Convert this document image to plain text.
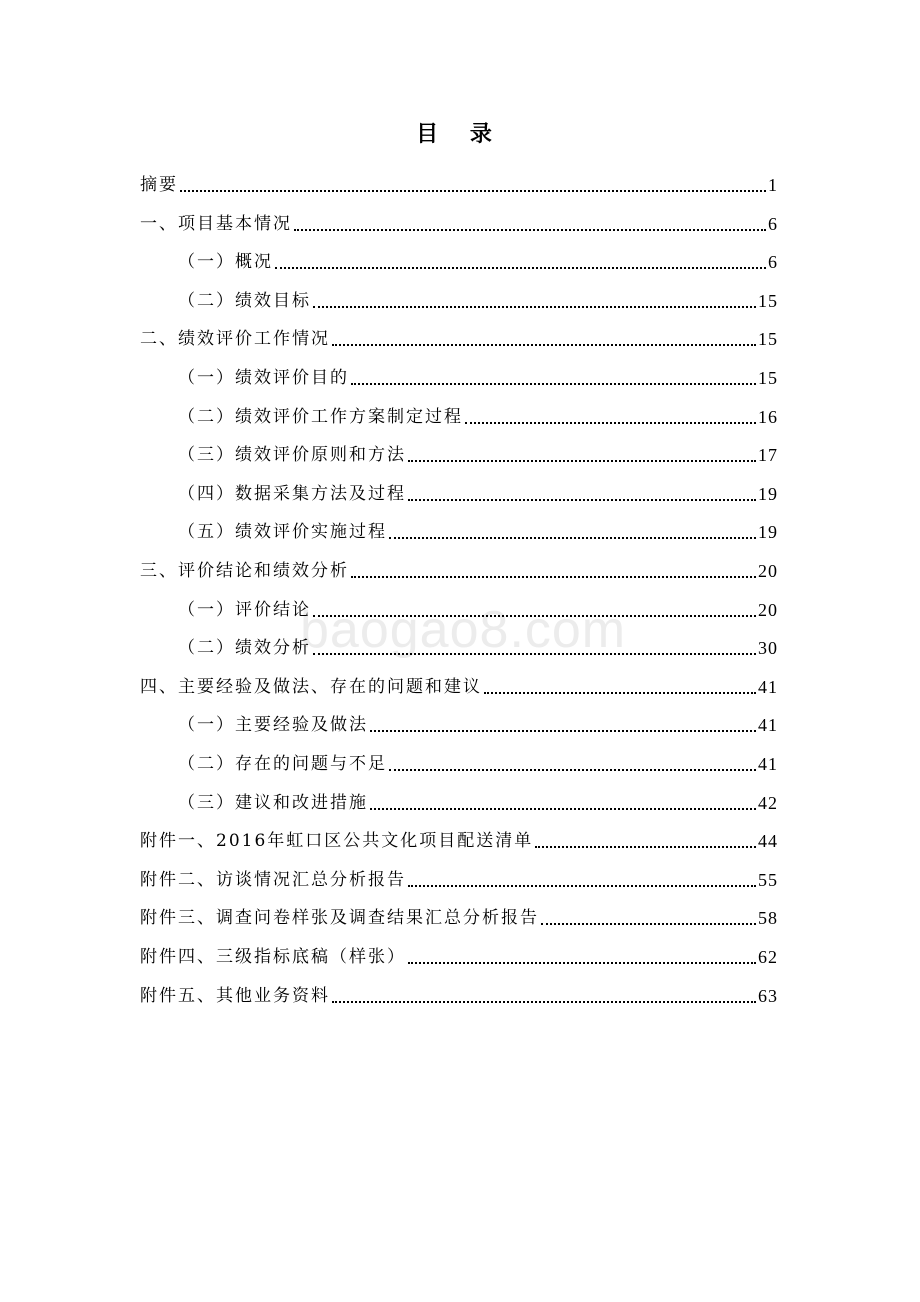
baogao8.com
目 录
摘要	1
一、项目基本情况	6
（一）概况	6
（二）绩效目标	15
二、绩效评价工作情况	15
（一）绩效评价目的	15
（二）绩效评价工作方案制定过程	16
（三）绩效评价原则和方法	17
（四）数据采集方法及过程	19
（五）绩效评价实施过程	19
三、评价结论和绩效分析	20
（一）评价结论	20
（二）绩效分析	30
四、主要经验及做法、存在的问题和建议	41
（一）主要经验及做法	41
（二）存在的问题与不足	41
（三）建议和改进措施	42
附件一、2016年虹口区公共文化项目配送清单	44
附件二、访谈情况汇总分析报告	55
附件三、调查问卷样张及调查结果汇总分析报告	58
附件四、三级指标底稿（样张）	62
附件五、其他业务资料	63
